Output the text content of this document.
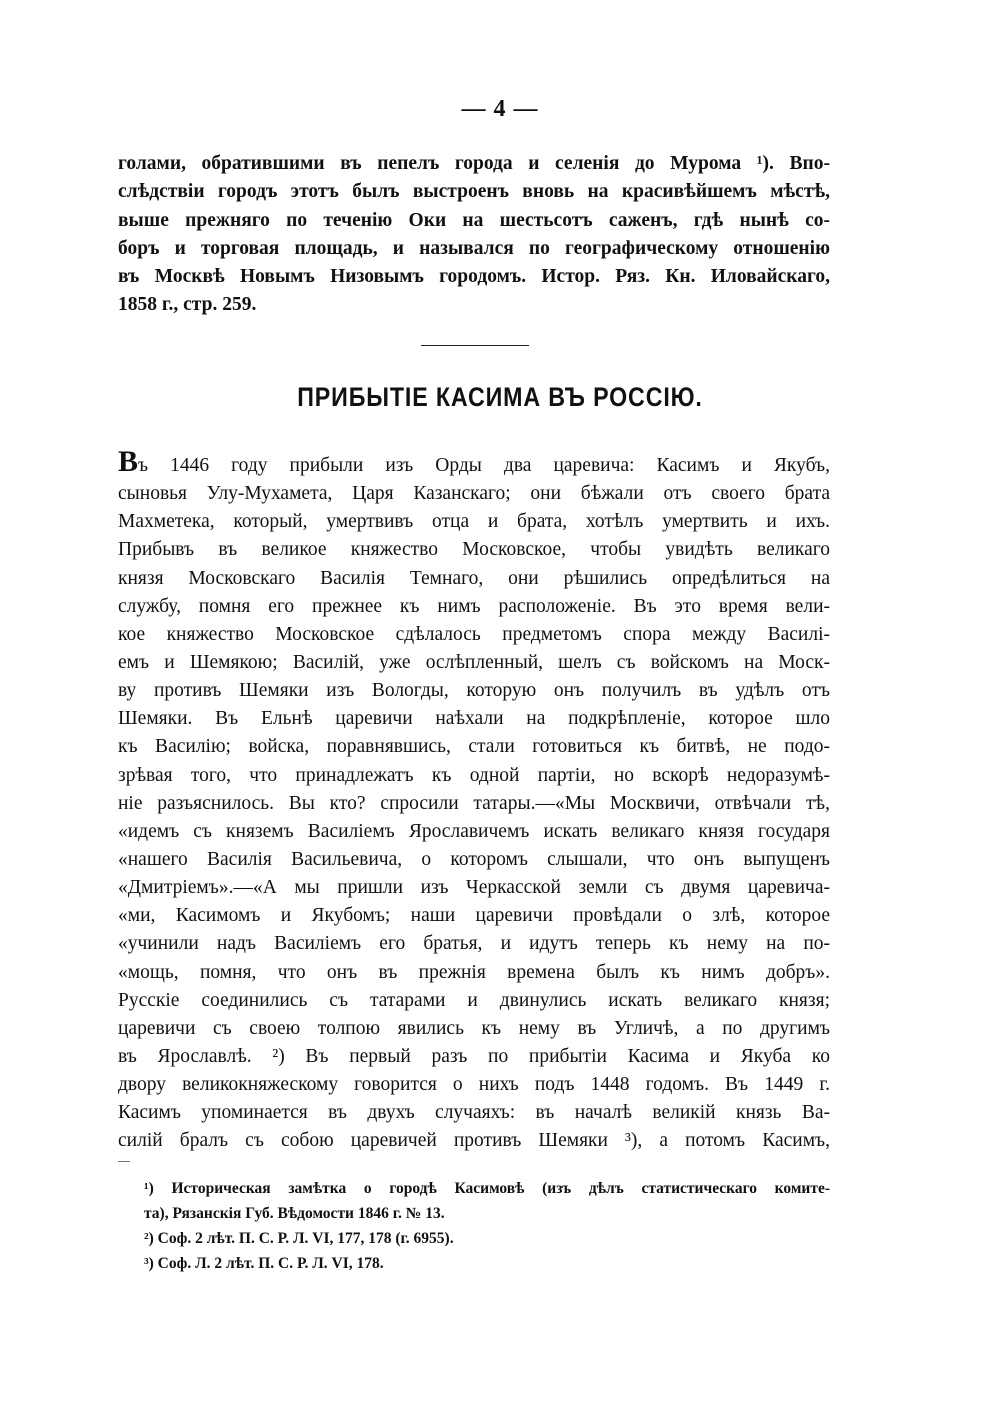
— 4 —
голами, обратившими въ пепелъ города и селенія до Мурома ¹). Впо-
слѣдствіи городъ этотъ былъ выстроенъ вновь на красивѣйшемъ мѣстѣ,
выше прежняго по теченію Оки на шестьсотъ саженъ, гдѣ нынѣ со-
боръ и торговая площадь, и назывался по географическому отношенію
въ Москвѣ Новымъ Низовымъ городомъ. Истор. Ряз. Кн. Иловайскаго,
1858 г., стр. 259.
ПРИБЫТІЕ КАСИМА ВЪ РОССІЮ.
Въ 1446 году прибыли изъ Орды два царевича: Касимъ и Якубъ,
сыновья Улу-Мухамета, Царя Казанскаго; они бѣжали отъ своего брата
Махметека, который, умертвивъ отца и брата, хотѣлъ умертвить и ихъ.
Прибывъ въ великое княжество Московское, чтобы увидѣть великаго
князя Московскаго Василія Темнаго, они рѣшились опредѣлиться на
службу, помня его прежнее къ нимъ расположеніе. Въ это время вели-
кое княжество Московское сдѣлалось предметомъ спора между Василі-
емъ и Шемякою; Василій, уже ослѣпленный, шелъ съ войскомъ на Моск-
ву противъ Шемяки изъ Вологды, которую онъ получилъ въ удѣлъ отъ
Шемяки. Въ Ельнѣ царевичи наѣхали на подкрѣпленіе, которое шло
къ Василію; войска, поравнявшись, стали готовиться къ битвѣ, не подо-
зрѣвая того, что принадлежатъ къ одной партіи, но вскорѣ недоразумѣ-
ніе разъяснилось. Вы кто? спросили татары.—«Мы Москвичи, отвѣчали тѣ,
«идемъ съ княземъ Василіемъ Ярославичемъ искать великаго князя государя
«нашего Василія Васильевича, о которомъ слышали, что онъ выпущенъ
«Дмитріемъ».—«А мы пришли изъ Черкасской земли съ двумя царевича-
«ми, Касимомъ и Якубомъ; наши царевичи провѣдали о злѣ, которое
«учинили надъ Василіемъ его братья, и идутъ теперь къ нему на по-
«мощь, помня, что онъ въ прежнія времена былъ къ нимъ добръ».
Русскіе соединились съ татарами и двинулись искать великаго князя;
царевичи съ своею толпою явились къ нему въ Угличѣ, а по другимъ
въ Ярославлѣ. ²) Въ первый разъ по прибытіи Касима и Якуба ко
двору великокняжескому говорится о нихъ подъ 1448 годомъ. Въ 1449 г.
Касимъ упоминается въ двухъ случаяхъ: въ началѣ великій князь Ва-
силій бралъ съ собою царевичей противъ Шемяки ³), а потомъ Касимъ,
—
¹) Историческая замѣтка о городѣ Касимовѣ (изъ дѣлъ статистическаго комите-
та), Рязанскія Губ. Вѣдомости 1846 г. № 13.
²) Соф. 2 лѣт. П. С. Р. Л. VI, 177, 178 (г. 6955).
³) Соф. Л. 2 лѣт. П. С. Р. Л. VI, 178.
